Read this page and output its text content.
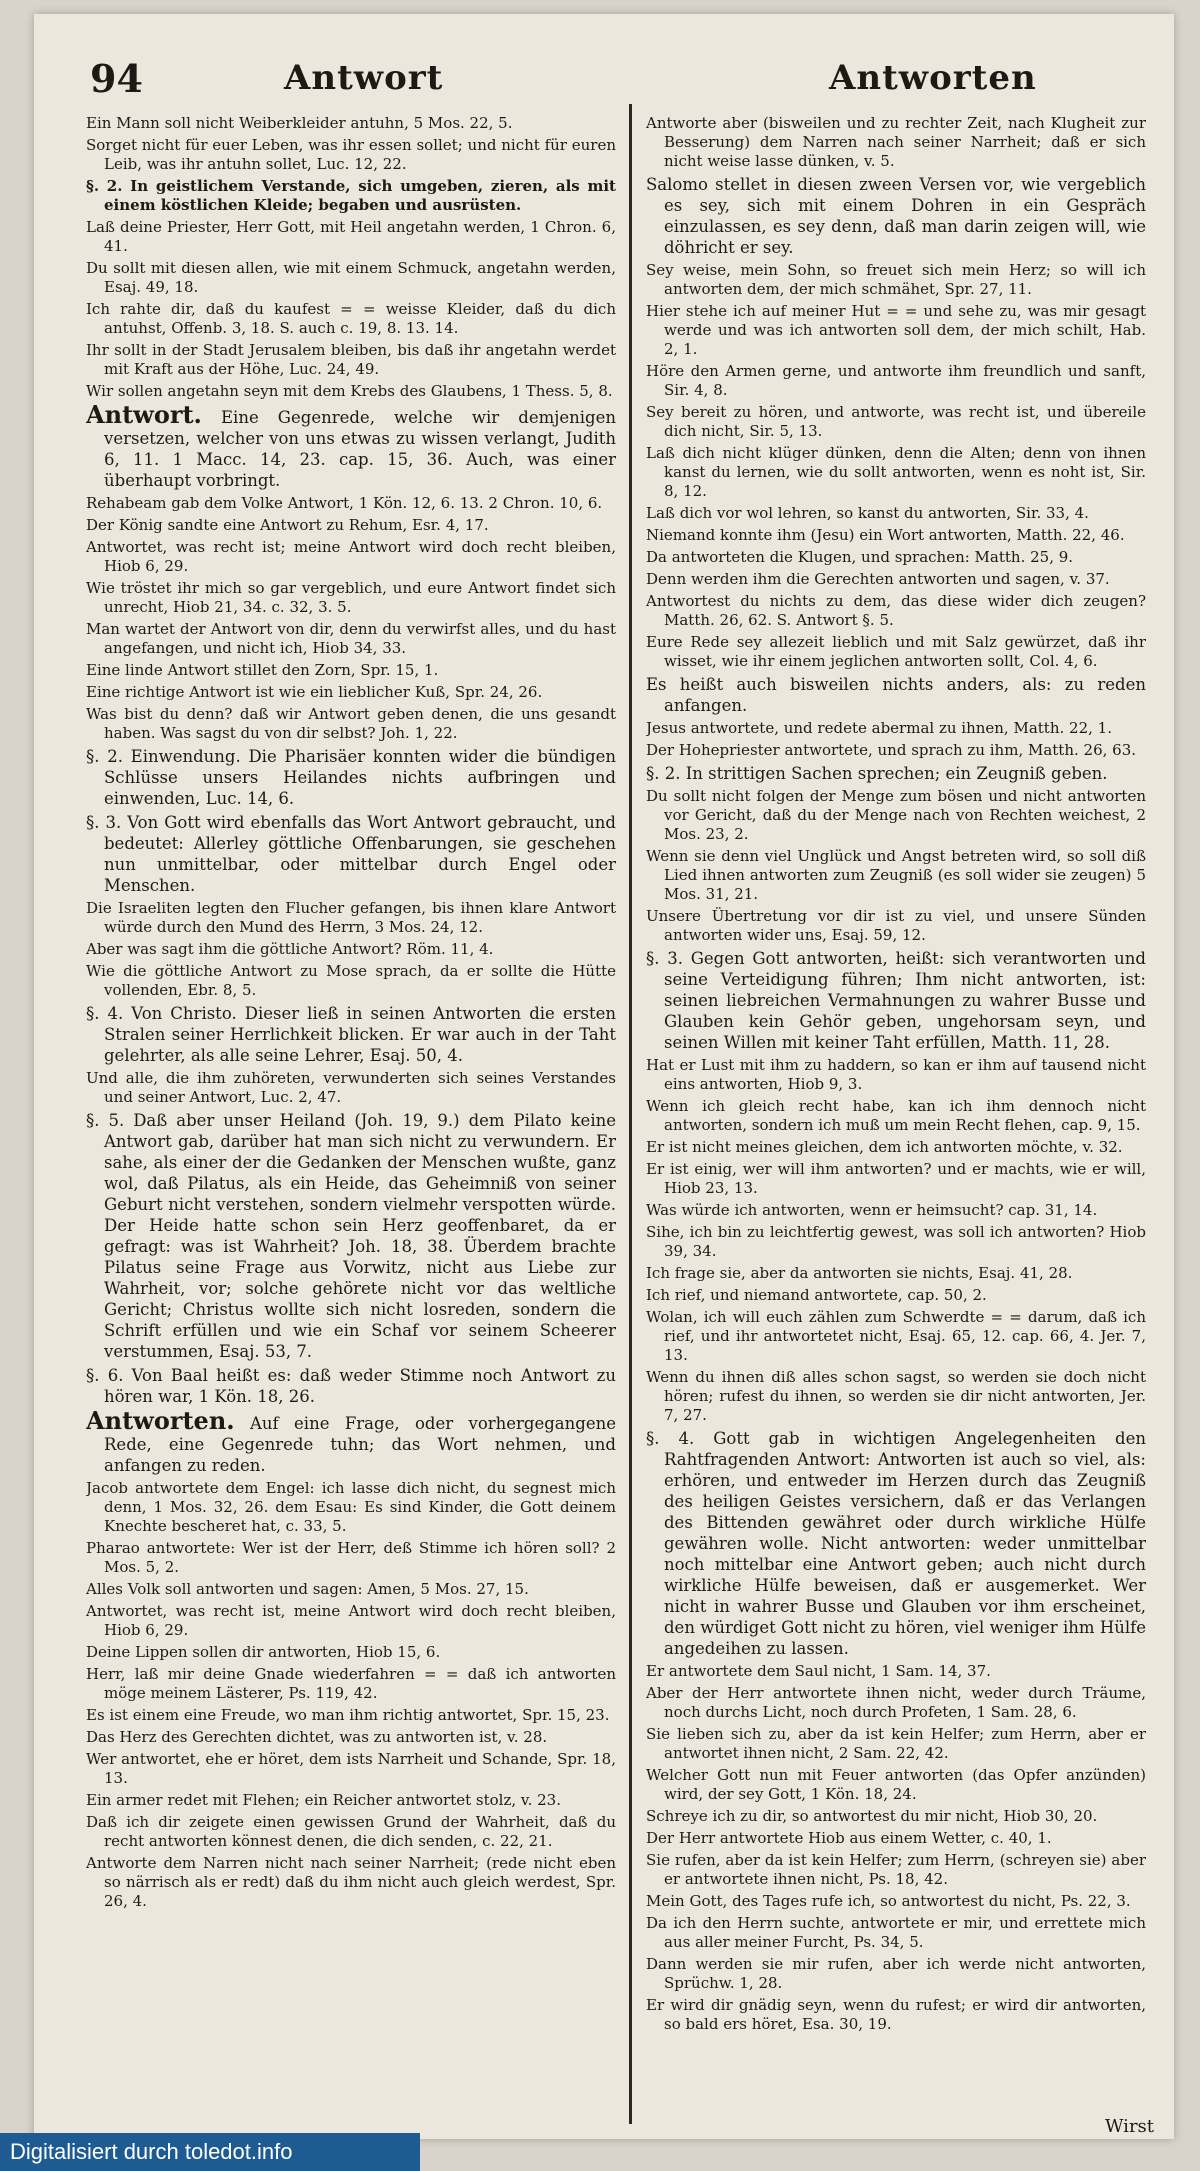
94	Antwort	Antworten
Ein Mann soll nicht Weiberkleider antuhn, 5 Mos. 22, 5.
Sorget nicht für euer Leben, was ihr essen sollet; und nicht für euren Leib, was ihr antuhn sollet, Luc. 12, 22.
§. 2. In geistlichem Verstande, sich umgeben, zieren, als mit einem köstlichen Kleide; begaben und ausrüsten.
Laß deine Priester, Herr Gott, mit Heil angetahn werden, 1 Chron. 6, 41.
Du sollt mit diesen allen, wie mit einem Schmuck, angetahn werden, Esaj. 49, 18.
Ich rahte dir, daß du kaufest = = weisse Kleider, daß du dich antuhst, Offenb. 3, 18. S. auch c. 19, 8. 13. 14.
Ihr sollt in der Stadt Jerusalem bleiben, bis daß ihr angetahn werdet mit Kraft aus der Höhe, Luc. 24, 49.
Wir sollen angetahn seyn mit dem Krebs des Glaubens, 1 Thess. 5, 8.
Antwort. Eine Gegenrede, welche wir demjenigen versetzen, welcher von uns etwas zu wissen verlangt, Judith 6, 11. 1 Macc. 14, 23. cap. 15, 36. Auch, was einer überhaupt vorbringt.
Rehabeam gab dem Volke Antwort, 1 Kön. 12, 6. 13. 2 Chron. 10, 6.
Der König sandte eine Antwort zu Rehum, Esr. 4, 17.
Antwortet, was recht ist; meine Antwort wird doch recht bleiben, Hiob 6, 29.
Wie tröstet ihr mich so gar vergeblich, und eure Antwort findet sich unrecht, Hiob 21, 34. c. 32, 3. 5.
Man wartet der Antwort von dir, denn du verwirfst alles, und du hast angefangen, und nicht ich, Hiob 34, 33.
Eine linde Antwort stillet den Zorn, Spr. 15, 1.
Eine richtige Antwort ist wie ein lieblicher Kuß, Spr. 24, 26.
Was bist du denn? daß wir Antwort geben denen, die uns gesandt haben. Was sagst du von dir selbst? Joh. 1, 22.
§. 2. Einwendung. Die Pharisäer konnten wider die bündigen Schlüsse unsers Heilandes nichts aufbringen und einwenden, Luc. 14, 6.
§. 3. Von Gott wird ebenfalls das Wort Antwort gebraucht, und bedeutet: Allerley göttliche Offenbarungen, sie geschehen nun unmittelbar, oder mittelbar durch Engel oder Menschen.
Die Israeliten legten den Flucher gefangen, bis ihnen klare Antwort würde durch den Mund des Herrn, 3 Mos. 24, 12.
Aber was sagt ihm die göttliche Antwort? Röm. 11, 4.
Wie die göttliche Antwort zu Mose sprach, da er sollte die Hütte vollenden, Ebr. 8, 5.
§. 4. Von Christo. Dieser ließ in seinen Antworten die ersten Stralen seiner Herrlichkeit blicken. Er war auch in der Taht gelehrter, als alle seine Lehrer, Esaj. 50, 4.
Und alle, die ihm zuhöreten, verwunderten sich seines Verstandes und seiner Antwort, Luc. 2, 47.
§. 5. Daß aber unser Heiland (Joh. 19, 9.) dem Pilato keine Antwort gab, darüber hat man sich nicht zu verwundern. Er sahe, als einer der die Gedanken der Menschen wußte, ganz wol, daß Pilatus, als ein Heide, das Geheimniß von seiner Geburt nicht verstehen, sondern vielmehr verspotten würde. Der Heide hatte schon sein Herz geoffenbaret, da er gefragt: was ist Wahrheit? Joh. 18, 38. Überdem brachte Pilatus seine Frage aus Vorwitz, nicht aus Liebe zur Wahrheit, vor; solche gehörete nicht vor das weltliche Gericht; Christus wollte sich nicht losreden, sondern die Schrift erfüllen und wie ein Schaf vor seinem Scheerer verstummen, Esaj. 53, 7.
§. 6. Von Baal heißt es: daß weder Stimme noch Antwort zu hören war, 1 Kön. 18, 26.
Antworten. Auf eine Frage, oder vorhergegangene Rede, eine Gegenrede tuhn; das Wort nehmen, und anfangen zu reden.
Jacob antwortete dem Engel: ich lasse dich nicht, du segnest mich denn, 1 Mos. 32, 26. dem Esau: Es sind Kinder, die Gott deinem Knechte bescheret hat, c. 33, 5.
Pharao antwortete: Wer ist der Herr, deß Stimme ich hören soll? 2 Mos. 5, 2.
Alles Volk soll antworten und sagen: Amen, 5 Mos. 27, 15.
Antwortet, was recht ist, meine Antwort wird doch recht bleiben, Hiob 6, 29.
Deine Lippen sollen dir antworten, Hiob 15, 6.
Herr, laß mir deine Gnade wiederfahren = = daß ich antworten möge meinem Lästerer, Ps. 119, 42.
Es ist einem eine Freude, wo man ihm richtig antwortet, Spr. 15, 23.
Das Herz des Gerechten dichtet, was zu antworten ist, v. 28.
Wer antwortet, ehe er höret, dem ists Narrheit und Schande, Spr. 18, 13.
Ein armer redet mit Flehen; ein Reicher antwortet stolz, v. 23.
Daß ich dir zeigete einen gewissen Grund der Wahrheit, daß du recht antworten könnest denen, die dich senden, c. 22, 21.
Antworte dem Narren nicht nach seiner Narrheit; (rede nicht eben so närrisch als er redt) daß du ihm nicht auch gleich werdest, Spr. 26, 4.
Antworte aber (bisweilen und zu rechter Zeit, nach Klugheit zur Besserung) dem Narren nach seiner Narrheit; daß er sich nicht weise lasse dünken, v. 5.
Salomo stellet in diesen zween Versen vor, wie vergeblich es sey, sich mit einem Dohren in ein Gespräch einzulassen, es sey denn, daß man darin zeigen will, wie döhricht er sey.
Sey weise, mein Sohn, so freuet sich mein Herz; so will ich antworten dem, der mich schmähet, Spr. 27, 11.
Hier stehe ich auf meiner Hut = = und sehe zu, was mir gesagt werde und was ich antworten soll dem, der mich schilt, Hab. 2, 1.
Höre den Armen gerne, und antworte ihm freundlich und sanft, Sir. 4, 8.
Sey bereit zu hören, und antworte, was recht ist, und übereile dich nicht, Sir. 5, 13.
Laß dich nicht klüger dünken, denn die Alten; denn von ihnen kanst du lernen, wie du sollt antworten, wenn es noht ist, Sir. 8, 12.
Laß dich vor wol lehren, so kanst du antworten, Sir. 33, 4.
Niemand konnte ihm (Jesu) ein Wort antworten, Matth. 22, 46.
Da antworteten die Klugen, und sprachen: Matth. 25, 9.
Denn werden ihm die Gerechten antworten und sagen, v. 37.
Antwortest du nichts zu dem, das diese wider dich zeugen? Matth. 26, 62. S. Antwort §. 5.
Eure Rede sey allezeit lieblich und mit Salz gewürzet, daß ihr wisset, wie ihr einem jeglichen antworten sollt, Col. 4, 6.
Es heißt auch bisweilen nichts anders, als: zu reden anfangen.
Jesus antwortete, und redete abermal zu ihnen, Matth. 22, 1.
Der Hohepriester antwortete, und sprach zu ihm, Matth. 26, 63.
§. 2. In strittigen Sachen sprechen; ein Zeugniß geben.
Du sollt nicht folgen der Menge zum bösen und nicht antworten vor Gericht, daß du der Menge nach von Rechten weichest, 2 Mos. 23, 2.
Wenn sie denn viel Unglück und Angst betreten wird, so soll diß Lied ihnen antworten zum Zeugniß (es soll wider sie zeugen) 5 Mos. 31, 21.
Unsere Übertretung vor dir ist zu viel, und unsere Sünden antworten wider uns, Esaj. 59, 12.
§. 3. Gegen Gott antworten, heißt: sich verantworten und seine Verteidigung führen; Ihm nicht antworten, ist: seinen liebreichen Vermahnungen zu wahrer Busse und Glauben kein Gehör geben, ungehorsam seyn, und seinen Willen mit keiner Taht erfüllen, Matth. 11, 28.
Hat er Lust mit ihm zu haddern, so kan er ihm auf tausend nicht eins antworten, Hiob 9, 3.
Wenn ich gleich recht habe, kan ich ihm dennoch nicht antworten, sondern ich muß um mein Recht flehen, cap. 9, 15.
Er ist nicht meines gleichen, dem ich antworten möchte, v. 32.
Er ist einig, wer will ihm antworten? und er machts, wie er will, Hiob 23, 13.
Was würde ich antworten, wenn er heimsucht? cap. 31, 14.
Sihe, ich bin zu leichtfertig gewest, was soll ich antworten? Hiob 39, 34.
Ich frage sie, aber da antworten sie nichts, Esaj. 41, 28.
Ich rief, und niemand antwortete, cap. 50, 2.
Wolan, ich will euch zählen zum Schwerdte = = darum, daß ich rief, und ihr antwortetet nicht, Esaj. 65, 12. cap. 66, 4. Jer. 7, 13.
Wenn du ihnen diß alles schon sagst, so werden sie doch nicht hören; rufest du ihnen, so werden sie dir nicht antworten, Jer. 7, 27.
§. 4. Gott gab in wichtigen Angelegenheiten den Rahtfragenden Antwort: Antworten ist auch so viel, als: erhören, und entweder im Herzen durch das Zeugniß des heiligen Geistes versichern, daß er das Verlangen des Bittenden gewähret oder durch wirkliche Hülfe gewähren wolle. Nicht antworten: weder unmittelbar noch mittelbar eine Antwort geben; auch nicht durch wirkliche Hülfe beweisen, daß er ausgemerket. Wer nicht in wahrer Busse und Glauben vor ihm erscheinet, den würdiget Gott nicht zu hören, viel weniger ihm Hülfe angedeihen zu lassen.
Er antwortete dem Saul nicht, 1 Sam. 14, 37.
Aber der Herr antwortete ihnen nicht, weder durch Träume, noch durchs Licht, noch durch Profeten, 1 Sam. 28, 6.
Sie lieben sich zu, aber da ist kein Helfer; zum Herrn, aber er antwortet ihnen nicht, 2 Sam. 22, 42.
Welcher Gott nun mit Feuer antworten (das Opfer anzünden) wird, der sey Gott, 1 Kön. 18, 24.
Schreye ich zu dir, so antwortest du mir nicht, Hiob 30, 20.
Der Herr antwortete Hiob aus einem Wetter, c. 40, 1.
Sie rufen, aber da ist kein Helfer; zum Herrn, (schreyen sie) aber er antwortete ihnen nicht, Ps. 18, 42.
Mein Gott, des Tages rufe ich, so antwortest du nicht, Ps. 22, 3.
Da ich den Herrn suchte, antwortete er mir, und errettete mich aus aller meiner Furcht, Ps. 34, 5.
Dann werden sie mir rufen, aber ich werde nicht antworten, Sprüchw. 1, 28.
Er wird dir gnädig seyn, wenn du rufest; er wird dir antworten, so bald ers höret, Esa. 30, 19.
Wirst
Digitalisiert durch toledot.info
